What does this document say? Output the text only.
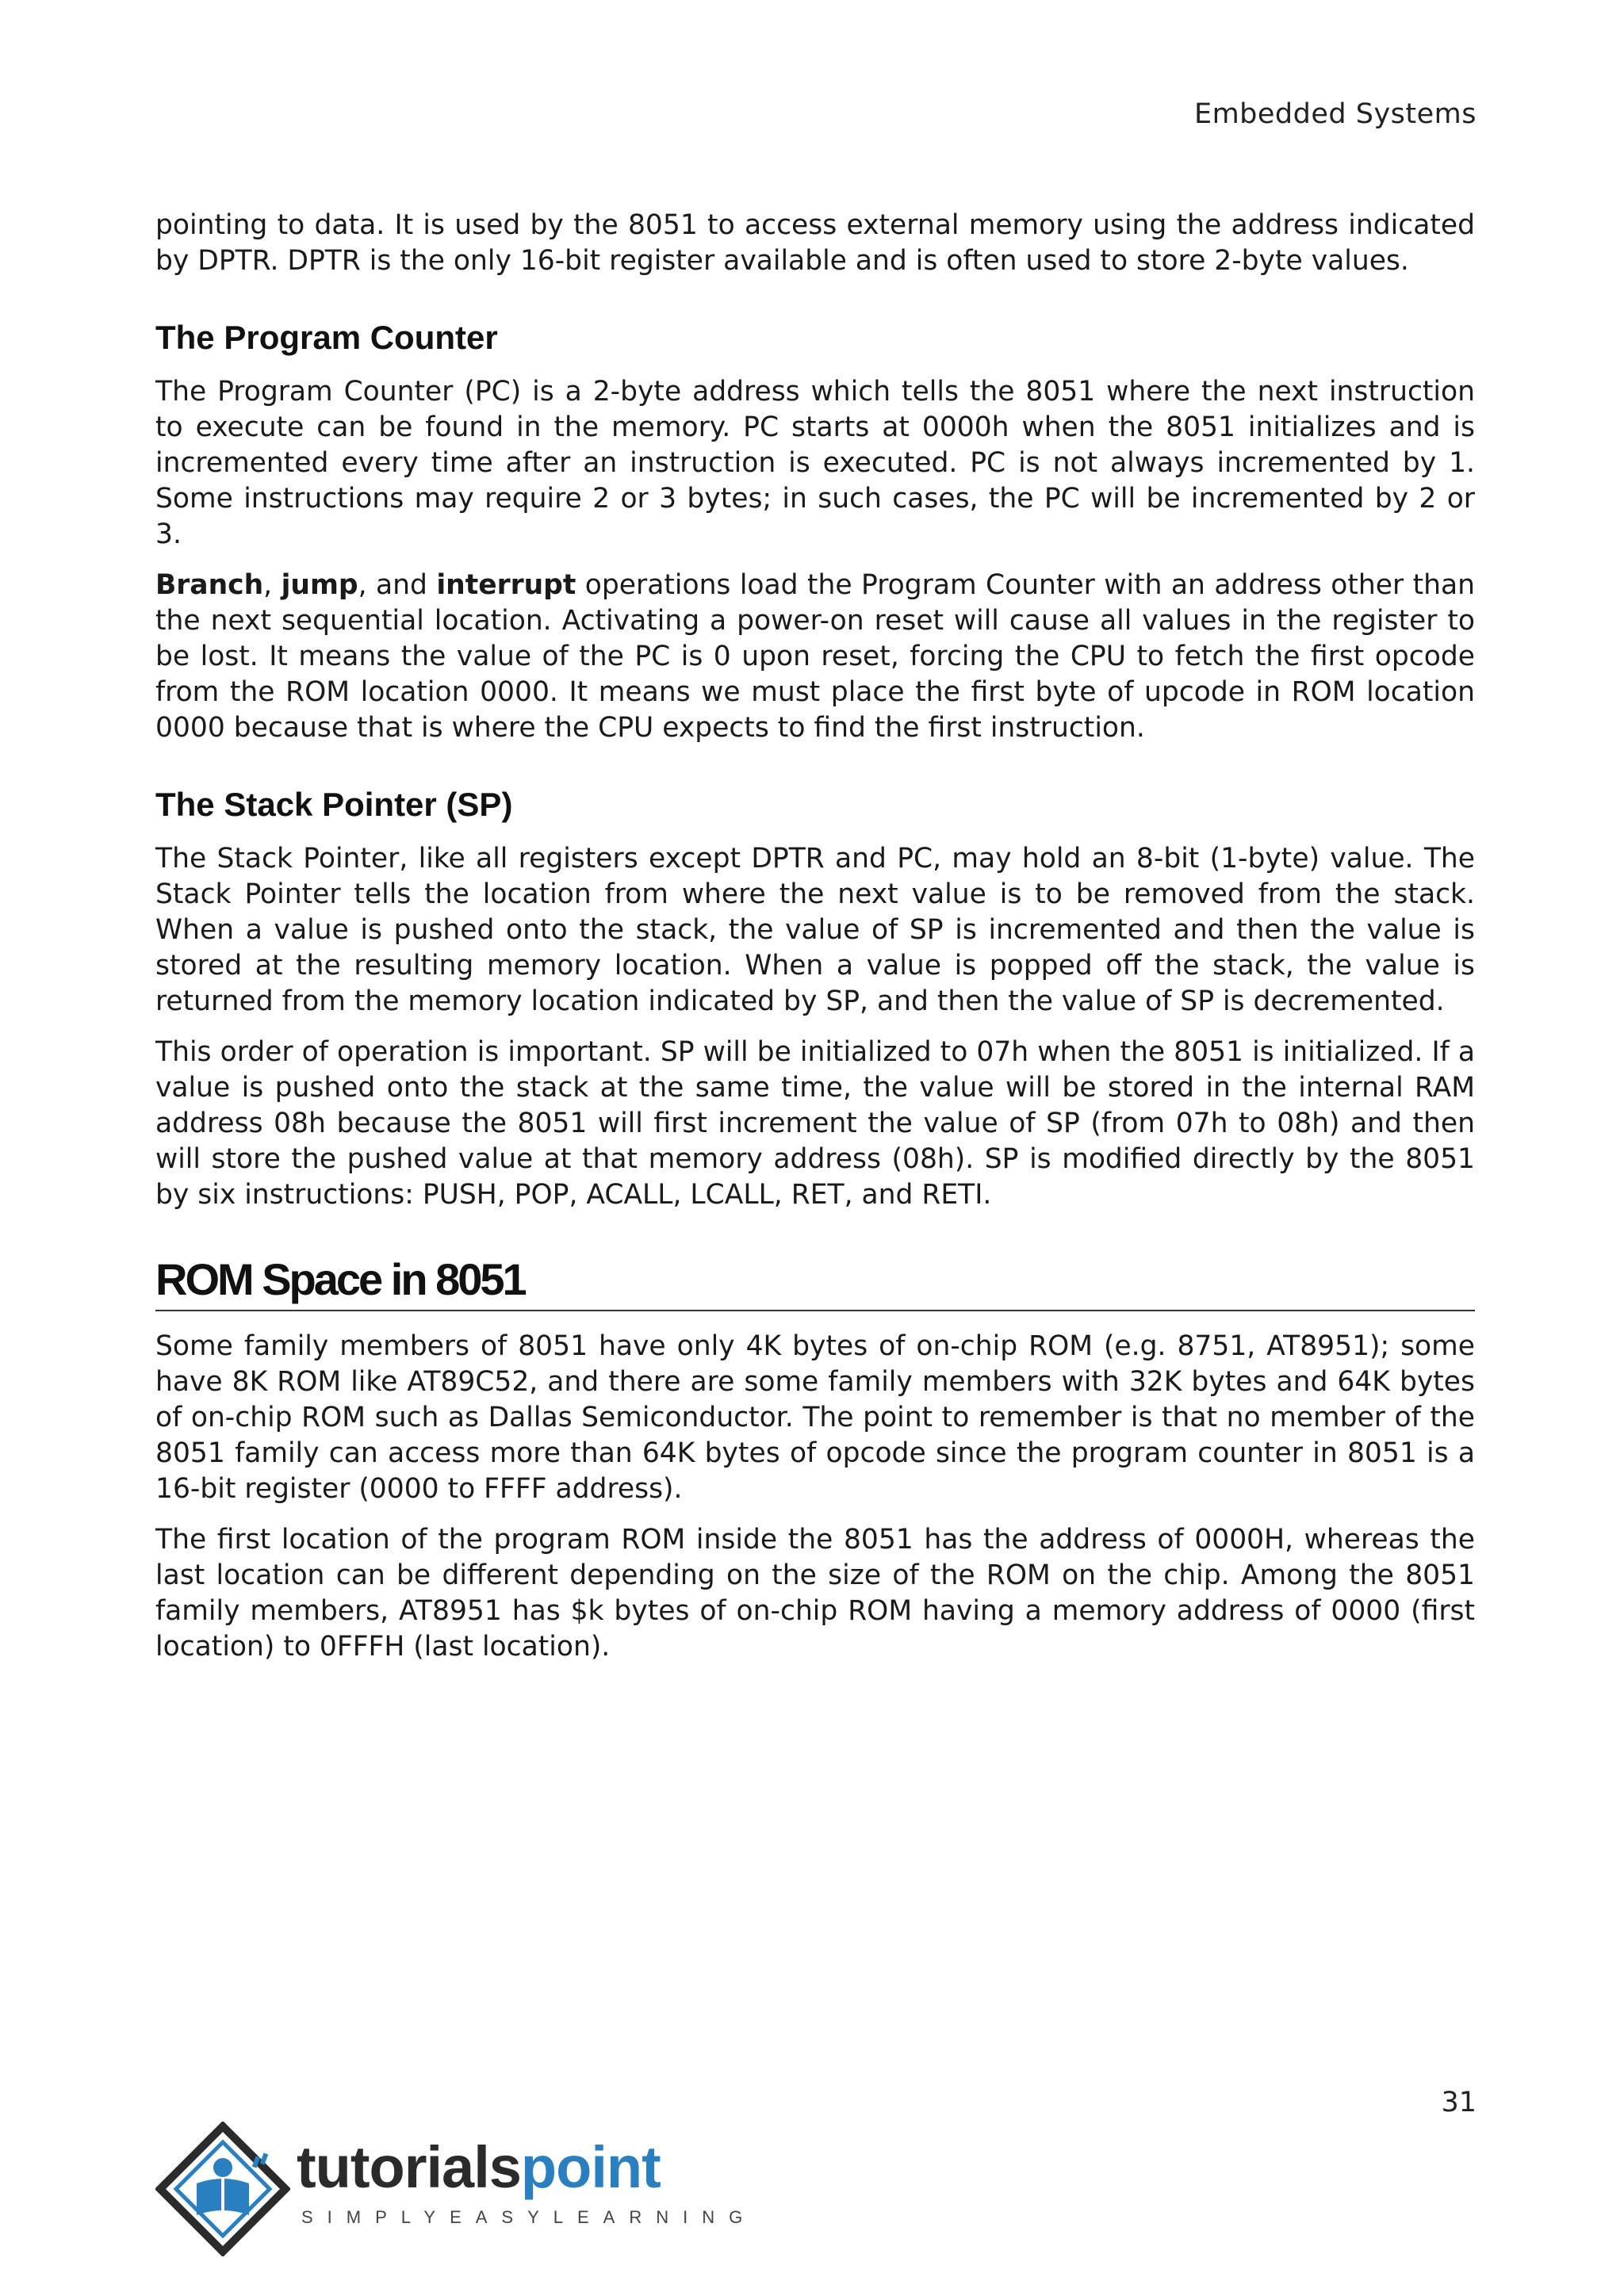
Embedded Systems

pointing to data. It is used by the 8051 to access external memory using the address indicated by DPTR. DPTR is the only 16-bit register available and is often used to store 2-byte values.

The Program Counter

The Program Counter (PC) is a 2-byte address which tells the 8051 where the next instruction to execute can be found in the memory. PC starts at 0000h when the 8051 initializes and is incremented every time after an instruction is executed. PC is not always incremented by 1. Some instructions may require 2 or 3 bytes; in such cases, the PC will be incremented by 2 or 3.

Branch, jump, and interrupt operations load the Program Counter with an address other than the next sequential location. Activating a power-on reset will cause all values in the register to be lost. It means the value of the PC is 0 upon reset, forcing the CPU to fetch the first opcode from the ROM location 0000. It means we must place the first byte of upcode in ROM location 0000 because that is where the CPU expects to find the first instruction.

The Stack Pointer (SP)

The Stack Pointer, like all registers except DPTR and PC, may hold an 8-bit (1-byte) value. The Stack Pointer tells the location from where the next value is to be removed from the stack. When a value is pushed onto the stack, the value of SP is incremented and then the value is stored at the resulting memory location. When a value is popped off the stack, the value is returned from the memory location indicated by SP, and then the value of SP is decremented.

This order of operation is important. SP will be initialized to 07h when the 8051 is initialized. If a value is pushed onto the stack at the same time, the value will be stored in the internal RAM address 08h because the 8051 will first increment the value of SP (from 07h to 08h) and then will store the pushed value at that memory address (08h). SP is modified directly by the 8051 by six instructions: PUSH, POP, ACALL, LCALL, RET, and RETI.

ROM Space in 8051

Some family members of 8051 have only 4K bytes of on-chip ROM (e.g. 8751, AT8951); some have 8K ROM like AT89C52, and there are some family members with 32K bytes and 64K bytes of on-chip ROM such as Dallas Semiconductor. The point to remember is that no member of the 8051 family can access more than 64K bytes of opcode since the program counter in 8051 is a 16-bit register (0000 to FFFF address).

The first location of the program ROM inside the 8051 has the address of 0000H, whereas the last location can be different depending on the size of the ROM on the chip. Among the 8051 family members, AT8951 has $k bytes of on-chip ROM having a memory address of 0000 (first location) to 0FFFH (last location).

31
tutorialspoint
SIMPLYEASYLEARNING
